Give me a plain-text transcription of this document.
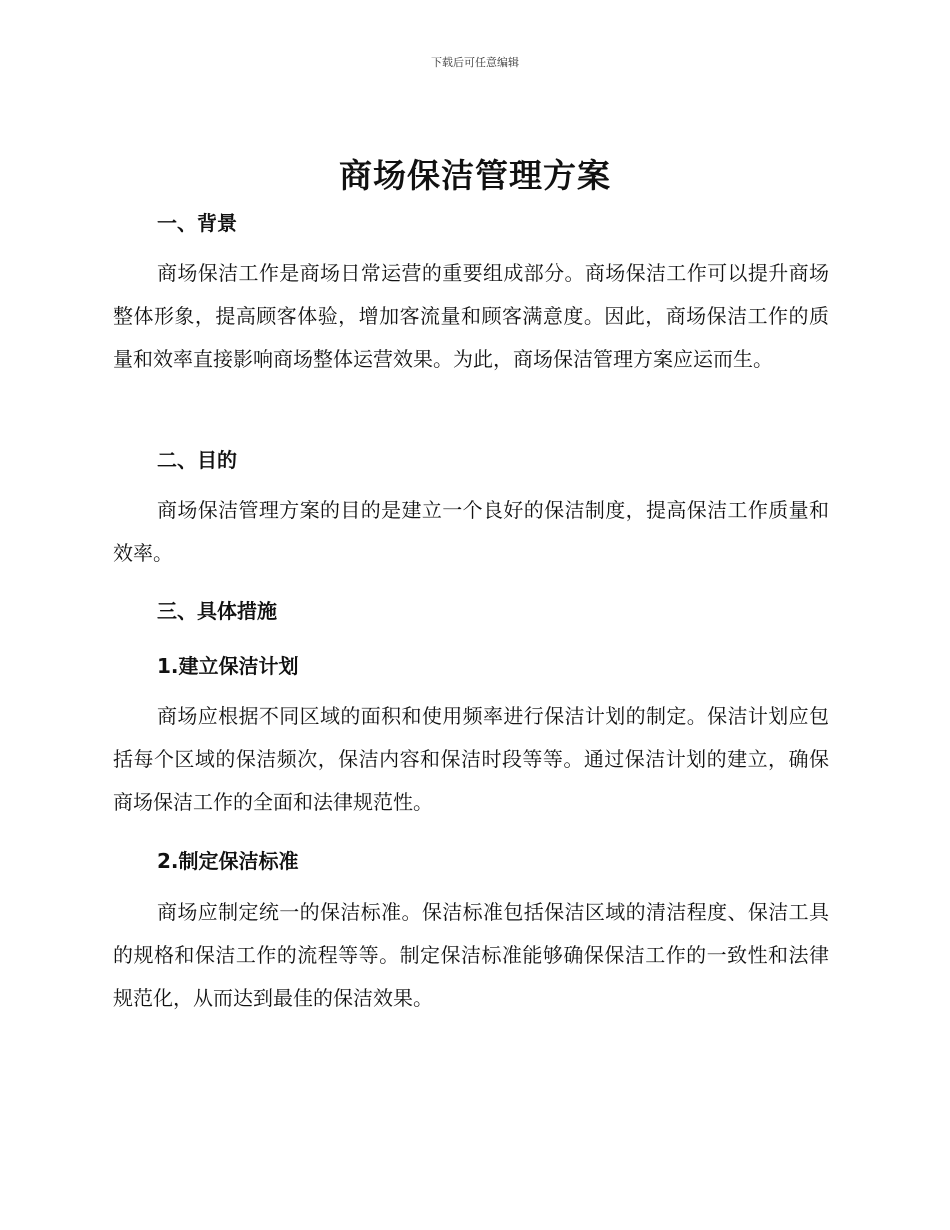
下载后可任意编辑
商场保洁管理方案
一、背景
商场保洁工作是商场日常运营的重要组成部分。商场保洁工作可以提升商场整体形象，提高顾客体验，增加客流量和顾客满意度。因此，商场保洁工作的质量和效率直接影响商场整体运营效果。为此，商场保洁管理方案应运而生。
二、目的
商场保洁管理方案的目的是建立一个良好的保洁制度，提高保洁工作质量和效率。
三、具体措施
1.建立保洁计划
商场应根据不同区域的面积和使用频率进行保洁计划的制定。保洁计划应包括每个区域的保洁频次，保洁内容和保洁时段等等。通过保洁计划的建立，确保商场保洁工作的全面和法律规范性。
2.制定保洁标准
商场应制定统一的保洁标准。保洁标准包括保洁区域的清洁程度、保洁工具的规格和保洁工作的流程等等。制定保洁标准能够确保保洁工作的一致性和法律规范化，从而达到最佳的保洁效果。
